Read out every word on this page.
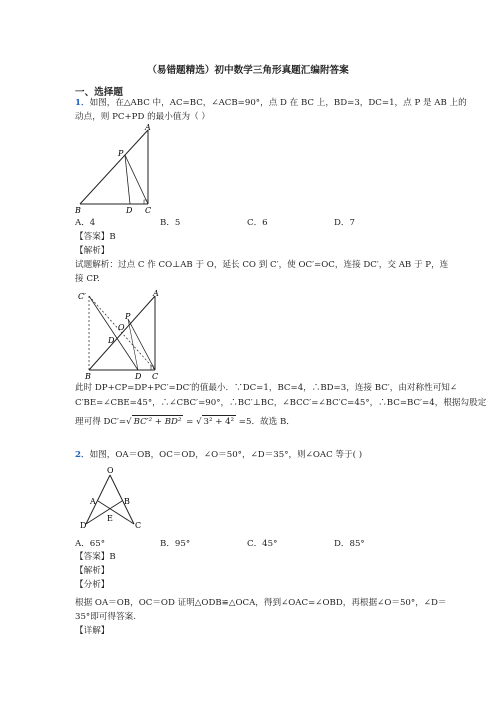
（易错题精选）初中数学三角形真题汇编附答案
一、选择题
1．如图，在△ABC 中，AC=BC，∠ACB=90°，点 D 在 BC 上，BD=3，DC=1，点 P 是 AB 上的
动点，则 PC+PD 的最小值为（ ）
A
P
B	D C
A．4	B．5	C．6	D．7
【答案】B
【解析】
试题解析：过点 C 作 CO⊥AB 于 O，延长 CO 到 C′，使 OC′=OC，连接 DC′，交 AB 于 P，连
接 CP.
C′	A
P
O
D
B	D C
此时 DP+CP=DP+PC′=DC′的值最小．∵DC=1，BC=4，∴BD=3，连接 BC′，由对称性可知∠
C′BE=∠CBE=45°，∴∠CBC′=90°，∴BC′⊥BC，∠BCC′=∠BC′C=45°，∴BC=BC′=4，根据勾股定
理可得 DC′=√ BC′² + BD² = √ 3² + 4² =5．故选 B．
2．如图，OA＝OB，OC＝OD，∠O＝50°，∠D＝35°，则∠OAC 等于( )
O
A	B
E
D	C
A．65°	B．95°	C．45°	D．85°
【答案】B
【解析】
【分析】
根据 OA＝OB，OC＝OD 证明△ODB≌△OCA，得到∠OAC=∠OBD，再根据∠O＝50°，∠D＝
35°即可得答案.
【详解】
